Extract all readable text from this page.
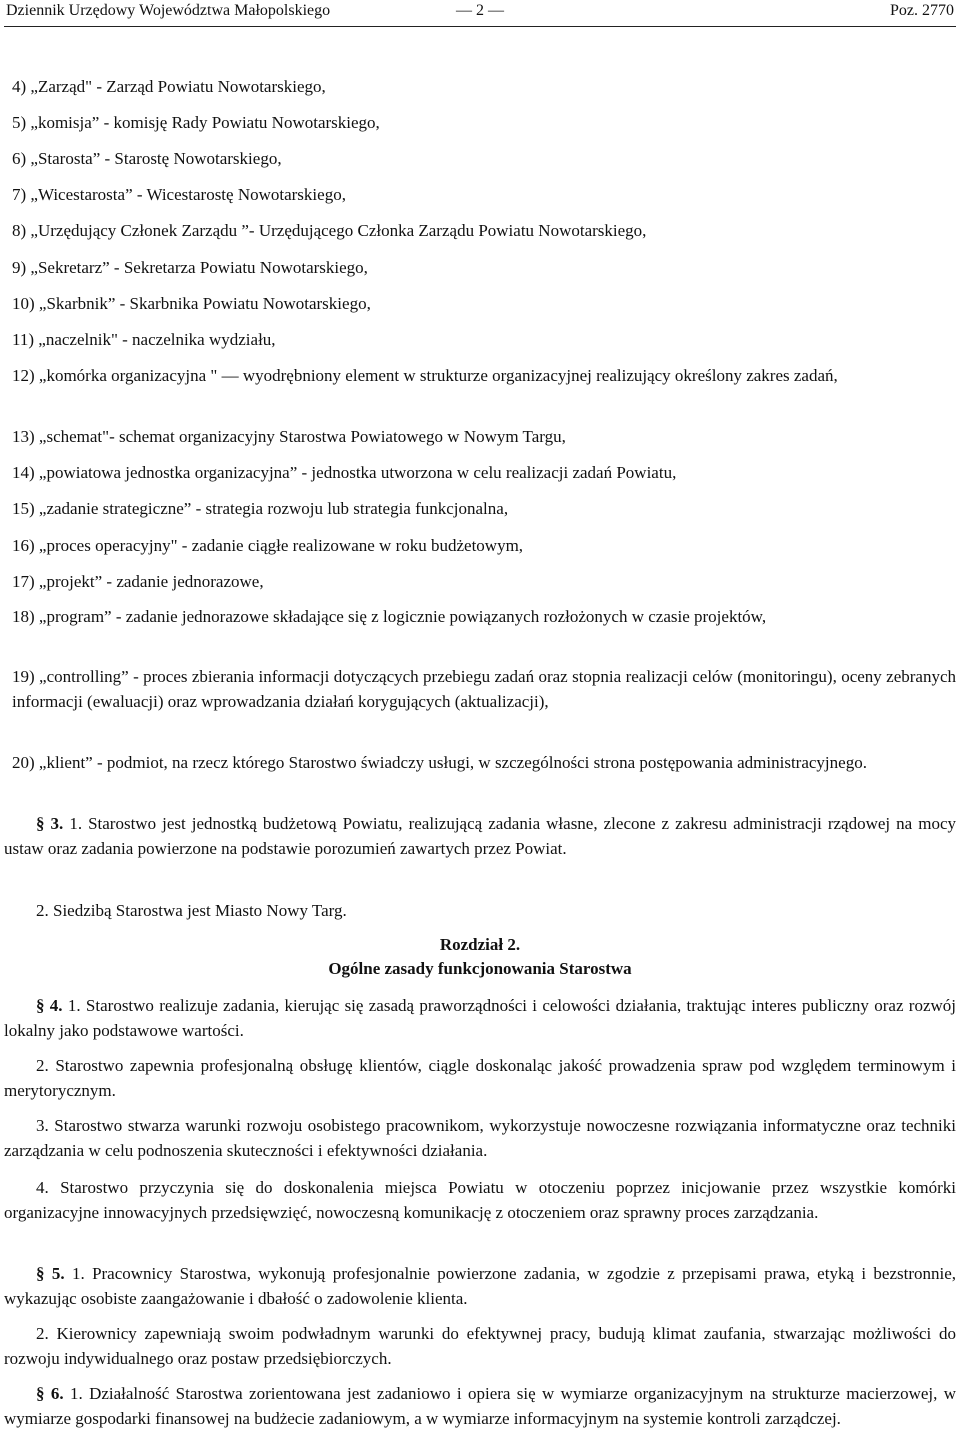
Dziennik Urzędowy Województwa Małopolskiego	— 2 —	Poz. 2770
4) „Zarząd" - Zarząd Powiatu Nowotarskiego,
5) „komisja” - komisję Rady Powiatu Nowotarskiego,
6) „Starosta” - Starostę Nowotarskiego,
7) „Wicestarosta” - Wicestarostę Nowotarskiego,
8) „Urzędujący Członek Zarządu ”- Urzędującego Członka Zarządu Powiatu Nowotarskiego,
9) „Sekretarz” - Sekretarza Powiatu Nowotarskiego,
10) „Skarbnik” - Skarbnika Powiatu Nowotarskiego,
11) „naczelnik" - naczelnika wydziału,
12) „komórka organizacyjna " — wyodrębniony element w strukturze organizacyjnej realizujący określony zakres zadań,
13) „schemat"- schemat organizacyjny Starostwa Powiatowego w Nowym Targu,
14) „powiatowa jednostka organizacyjna” - jednostka utworzona w celu realizacji zadań Powiatu,
15) „zadanie strategiczne” - strategia rozwoju lub strategia funkcjonalna,
16) „proces operacyjny" - zadanie ciągłe realizowane w roku budżetowym,
17) „projekt” - zadanie jednorazowe,
18) „program” - zadanie jednorazowe składające się z logicznie powiązanych rozłożonych w czasie projektów,
19) „controlling” - proces zbierania informacji dotyczących przebiegu zadań oraz stopnia realizacji celów (monitoringu), oceny zebranych informacji (ewaluacji) oraz wprowadzania działań korygujących (aktualizacji),
20) „klient” - podmiot, na rzecz którego Starostwo świadczy usługi, w szczególności strona postępowania administracyjnego.
§ 3. 1. Starostwo jest jednostką budżetową Powiatu, realizującą zadania własne, zlecone z zakresu administracji rządowej na mocy ustaw oraz zadania powierzone na podstawie porozumień zawartych przez Powiat.
2. Siedzibą Starostwa jest Miasto Nowy Targ.
Rozdział 2.
Ogólne zasady funkcjonowania Starostwa
§ 4. 1. Starostwo realizuje zadania, kierując się zasadą praworządności i celowości działania, traktując interes publiczny oraz rozwój lokalny jako podstawowe wartości.
2. Starostwo zapewnia profesjonalną obsługę klientów, ciągle doskonaląc jakość prowadzenia spraw pod względem terminowym i merytorycznym.
3. Starostwo stwarza warunki rozwoju osobistego pracownikom, wykorzystuje nowoczesne rozwiązania informatyczne oraz techniki zarządzania w celu podnoszenia skuteczności i efektywności działania.
4. Starostwo przyczynia się do doskonalenia miejsca Powiatu w otoczeniu poprzez inicjowanie przez wszystkie komórki organizacyjne innowacyjnych przedsięwzięć, nowoczesną komunikację z otoczeniem oraz sprawny proces zarządzania.
§ 5. 1. Pracownicy Starostwa, wykonują profesjonalnie powierzone zadania, w zgodzie z przepisami prawa, etyką i bezstronnie, wykazując osobiste zaangażowanie i dbałość o zadowolenie klienta.
2. Kierownicy zapewniają swoim podwładnym warunki do efektywnej pracy, budują klimat zaufania, stwarzając możliwości do rozwoju indywidualnego oraz postaw przedsiębiorczych.
§ 6. 1. Działalność Starostwa zorientowana jest zadaniowo i opiera się w wymiarze organizacyjnym na strukturze macierzowej, w wymiarze gospodarki finansowej na budżecie zadaniowym, a w wymiarze informacyjnym na systemie kontroli zarządczej.
